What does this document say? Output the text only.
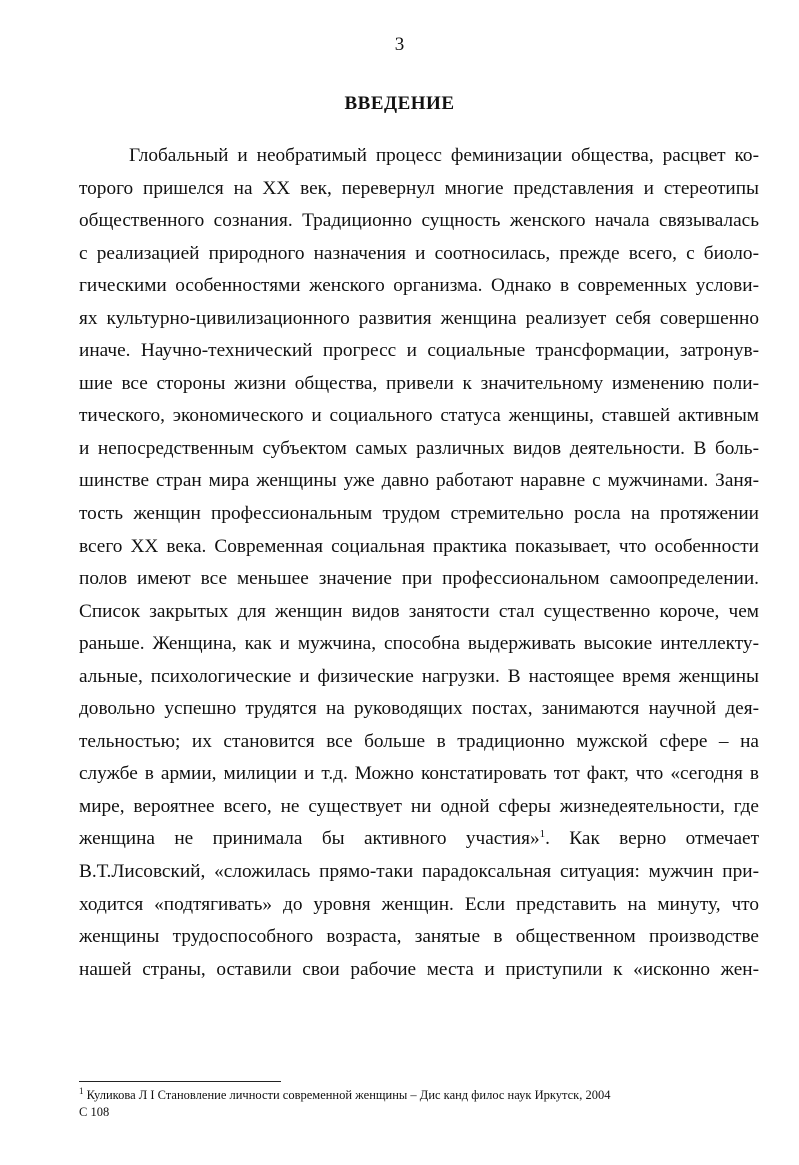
3
ВВЕДЕНИЕ
Глобальный и необратимый процесс феминизации общества, расцвет ко-
торого пришелся на XX век, перевернул многие представления и стереотипы
общественного сознания. Традиционно сущность женского начала связывалась
с реализацией природного назначения и соотносилась, прежде всего, с биоло-
гическими особенностями женского организма. Однако в современных услови-
ях культурно-цивилизационного развития женщина реализует себя совершенно
иначе. Научно-технический прогресс и социальные трансформации, затронув-
шие все стороны жизни общества, привели к значительному изменению поли-
тического, экономического и социального статуса женщины, ставшей активным
и непосредственным субъектом самых различных видов деятельности. В боль-
шинстве стран мира женщины уже давно работают наравне с мужчинами. Заня-
тость женщин профессиональным трудом стремительно росла на протяжении
всего XX века. Современная социальная практика показывает, что особенности
полов имеют все меньшее значение при профессиональном самоопределении.
Список закрытых для женщин видов занятости стал существенно короче, чем
раньше. Женщина, как и мужчина, способна выдерживать высокие интеллекту-
альные, психологические и физические нагрузки. В настоящее время женщины
довольно успешно трудятся на руководящих постах, занимаются научной дея-
тельностью; их становится все больше в традиционно мужской сфере – на
службе в армии, милиции и т.д. Можно констатировать тот факт, что «сегодня в
мире, вероятнее всего, не существует ни одной сферы жизнедеятельности, где
женщина не принимала бы активного участия»$^1$. Как верно отмечает
В.Т.Лисовский, «сложилась прямо-таки парадоксальная ситуация: мужчин при-
ходится «подтягивать» до уровня женщин. Если представить на минуту, что
женщины трудоспособного возраста, занятые в общественном производстве
нашей страны, оставили свои рабочие места и приступили к «исконно жен-
$^1$ Куликова Л I Становление личности современной женщины – Дис канд филос наук Иркутск, 2004
С 108
